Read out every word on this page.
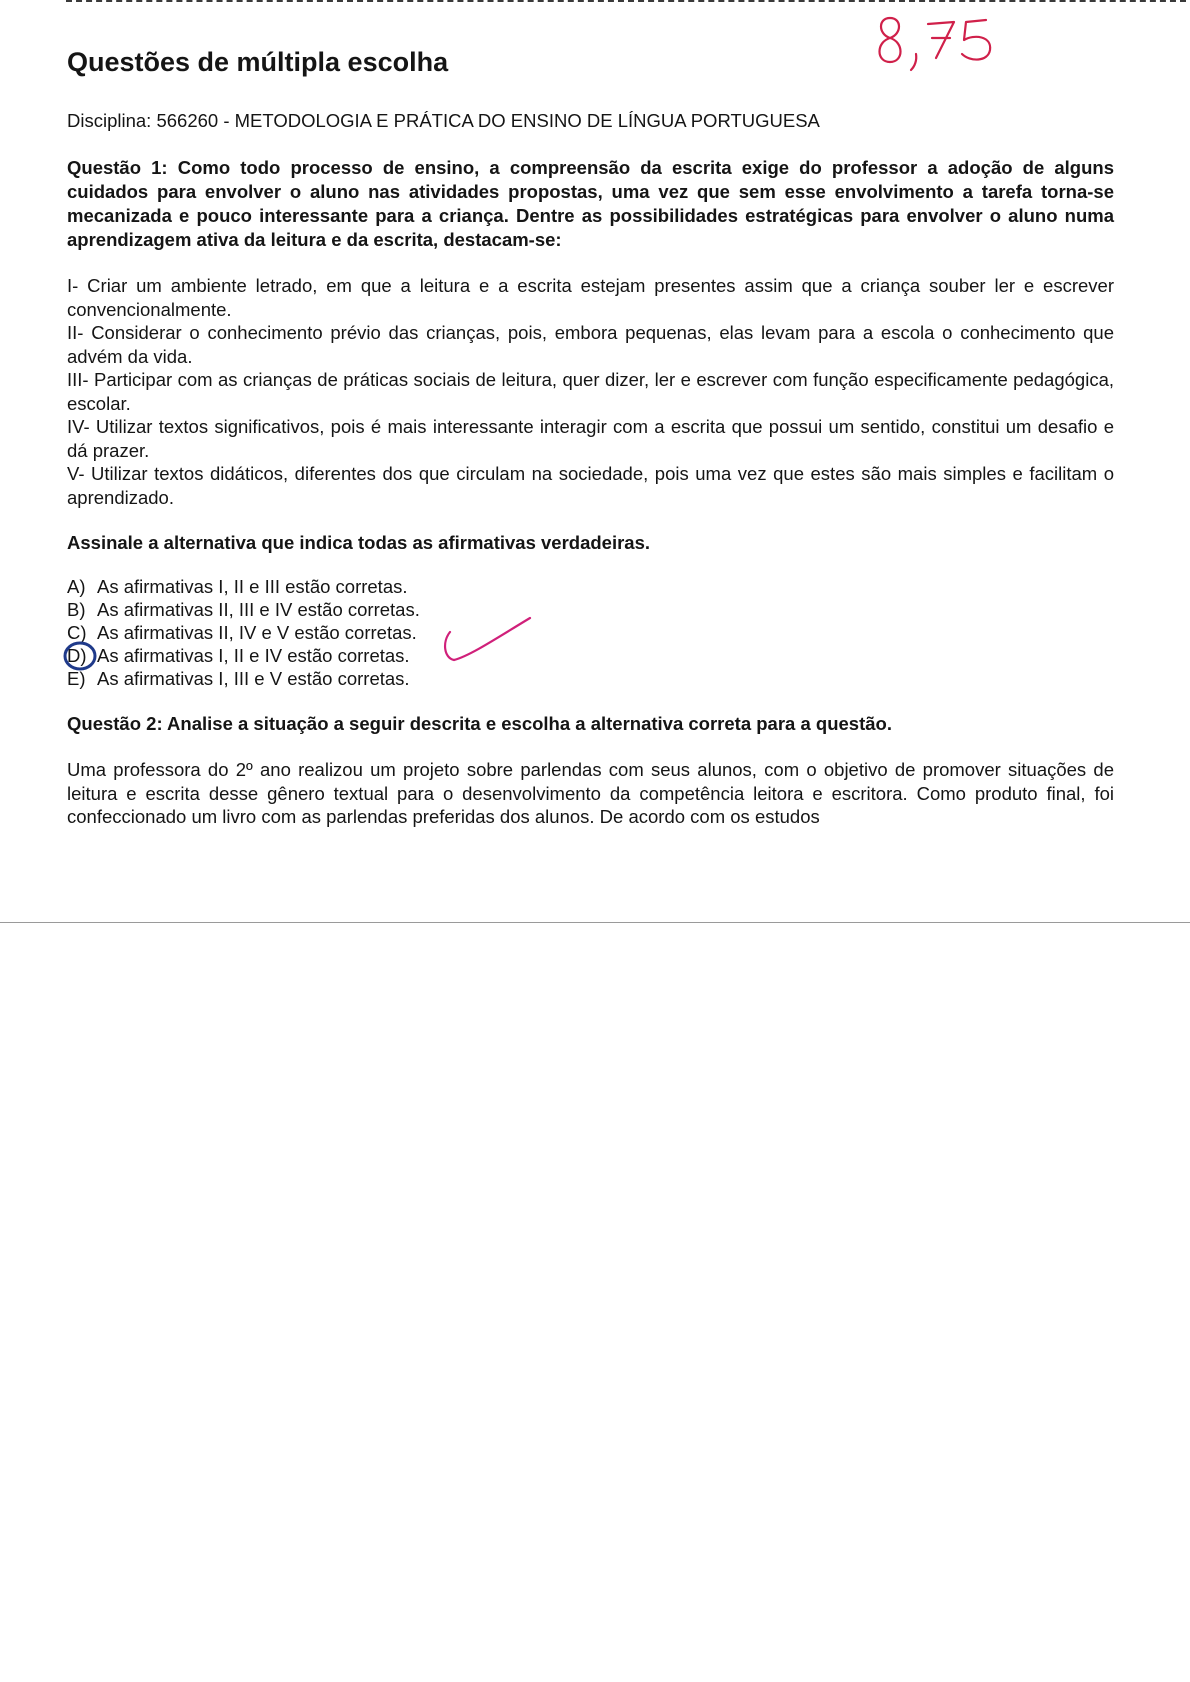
Questões de múltipla escolha
Disciplina: 566260 - METODOLOGIA E PRÁTICA DO ENSINO DE LÍNGUA PORTUGUESA
Questão 1: Como todo processo de ensino, a compreensão da escrita exige do professor a adoção de alguns cuidados para envolver o aluno nas atividades propostas, uma vez que sem esse envolvimento a tarefa torna-se mecanizada e pouco interessante para a criança. Dentre as possibilidades estratégicas para envolver o aluno numa aprendizagem ativa da leitura e da escrita, destacam-se:
I- Criar um ambiente letrado, em que a leitura e a escrita estejam presentes assim que a criança souber ler e escrever convencionalmente.
II- Considerar o conhecimento prévio das crianças, pois, embora pequenas, elas levam para a escola o conhecimento que advém da vida.
III- Participar com as crianças de práticas sociais de leitura, quer dizer, ler e escrever com função especificamente pedagógica, escolar.
IV- Utilizar textos significativos, pois é mais interessante interagir com a escrita que possui um sentido, constitui um desafio e dá prazer.
V- Utilizar textos didáticos, diferentes dos que circulam na sociedade, pois uma vez que estes são mais simples e facilitam o aprendizado.
Assinale a alternativa que indica todas as afirmativas verdadeiras.
A) As afirmativas I, II e III estão corretas.
B) As afirmativas II, III e IV estão corretas.
C) As afirmativas II, IV e V estão corretas.
D) As afirmativas I, II e IV estão corretas.
E) As afirmativas I, III e V estão corretas.
Questão 2: Analise a situação a seguir descrita e escolha a alternativa correta para a questão.
Uma professora do 2º ano realizou um projeto sobre parlendas com seus alunos, com o objetivo de promover situações de leitura e escrita desse gênero textual para o desenvolvimento da competência leitora e escritora. Como produto final, foi confeccionado um livro com as parlendas preferidas dos alunos. De acordo com os estudos
